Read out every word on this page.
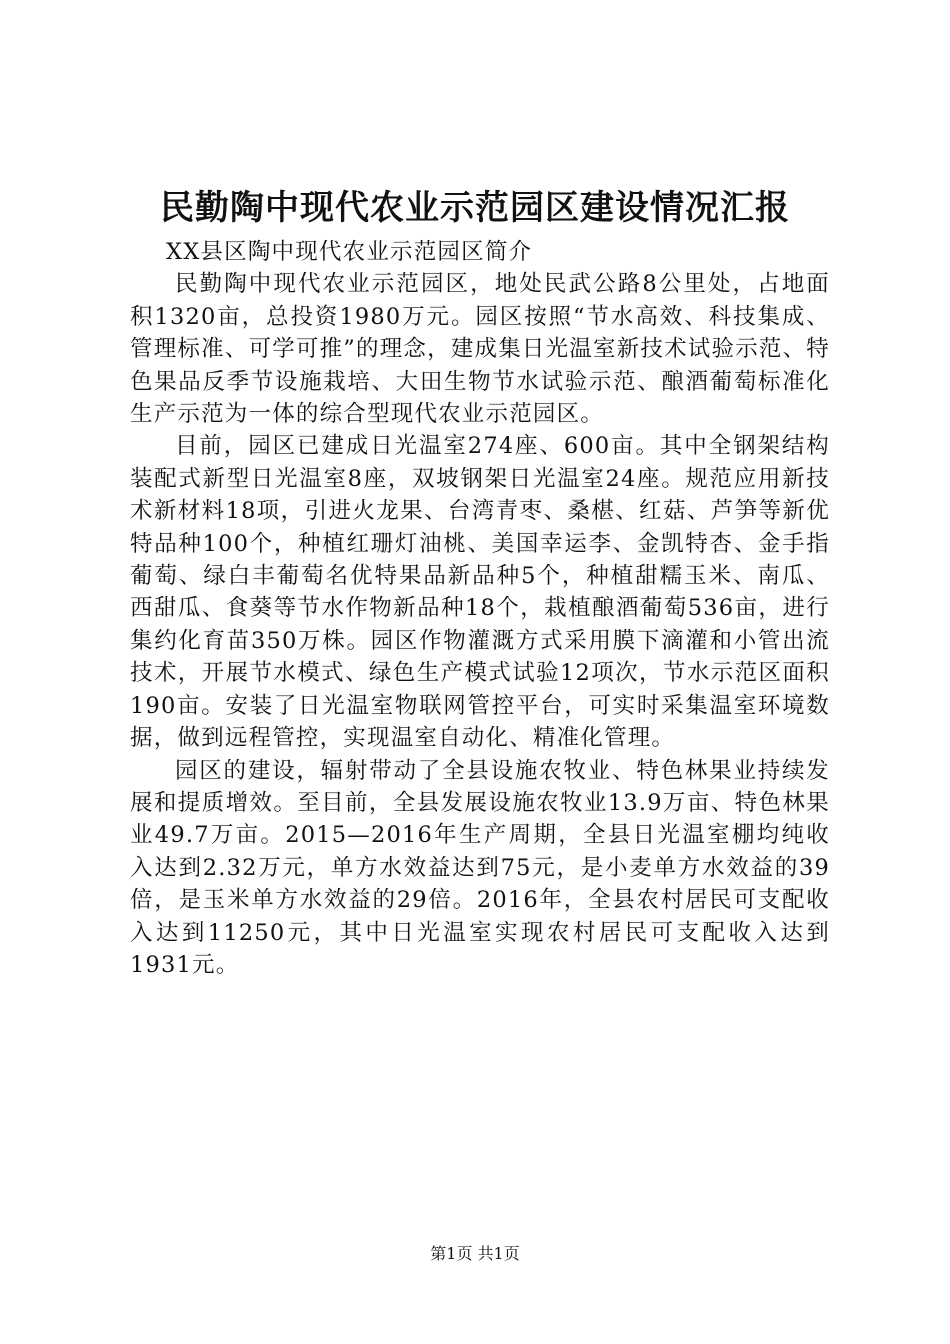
民勤陶中现代农业示范园区建设情况汇报

XX县区陶中现代农业示范园区简介

民勤陶中现代农业示范园区，地处民武公路8公里处，占地面积1320亩，总投资1980万元。园区按照“节水高效、科技集成、管理标准、可学可推”的理念，建成集日光温室新技术试验示范、特色果品反季节设施栽培、大田生物节水试验示范、酿酒葡萄标准化生产示范为一体的综合型现代农业示范园区。

目前，园区已建成日光温室274座、600亩。其中全钢架结构装配式新型日光温室8座，双坡钢架日光温室24座。规范应用新技术新材料18项，引进火龙果、台湾青枣、桑椹、红菇、芦笋等新优特品种100个，种植红珊灯油桃、美国幸运李、金凯特杏、金手指葡萄、绿白丰葡萄名优特果品新品种5个，种植甜糯玉米、南瓜、西甜瓜、食葵等节水作物新品种18个，栽植酿酒葡萄536亩，进行集约化育苗350万株。园区作物灌溉方式采用膜下滴灌和小管出流技术，开展节水模式、绿色生产模式试验12项次，节水示范区面积190亩。安装了日光温室物联网管控平台，可实时采集温室环境数据，做到远程管控，实现温室自动化、精准化管理。

园区的建设，辐射带动了全县设施农牧业、特色林果业持续发展和提质增效。至目前，全县发展设施农牧业13.9万亩、特色林果业49.7万亩。2015—2016年生产周期，全县日光温室棚均纯收入达到2.32万元，单方水效益达到75元，是小麦单方水效益的39倍，是玉米单方水效益的29倍。2016年，全县农村居民可支配收入达到11250元，其中日光温室实现农村居民可支配收入达到1931元。

第1页 共1页
